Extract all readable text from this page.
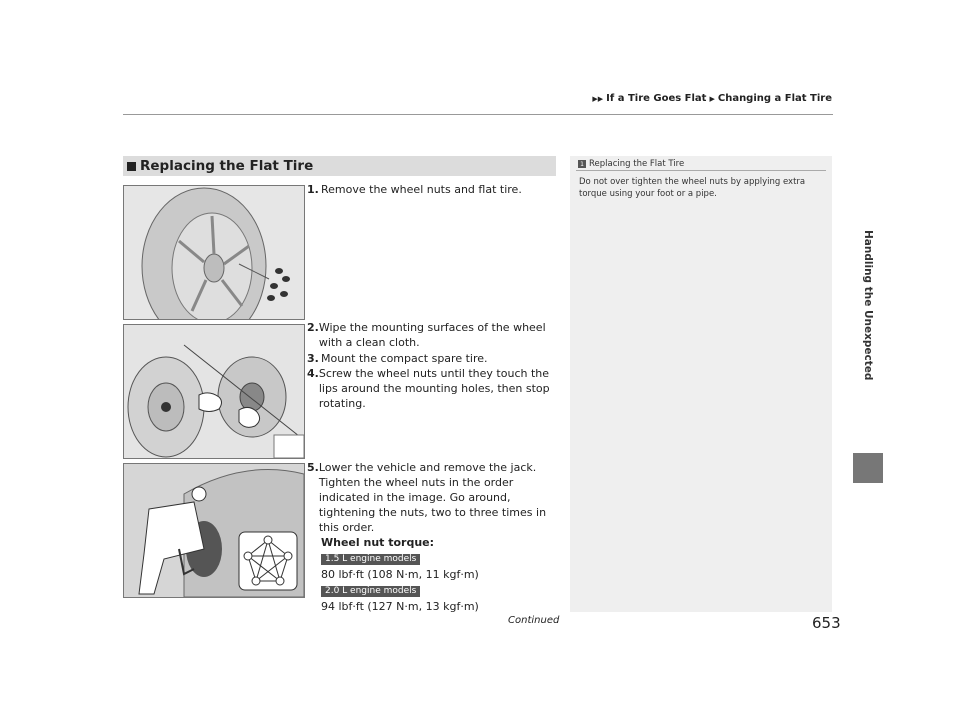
▶▶ If a Tire Goes Flat ▶ Changing a Flat Tire
Handling the Unexpected
Replacing the Flat Tire	1 Replacing the Flat Tire
Do not over tighten the wheel nuts by applying extra torque using your foot or a pipe.
1. Remove the wheel nuts and flat tire.
2. Wipe the mounting surfaces of the wheel with a clean cloth.
3. Mount the compact spare tire.
4. Screw the wheel nuts until they touch the lips around the mounting holes, then stop rotating.
5. Lower the vehicle and remove the jack. Tighten the wheel nuts in the order indicated in the image. Go around, tightening the nuts, two to three times in this order.
Wheel nut torque:
1.5 L engine models
80 lbf·ft (108 N·m, 11 kgf·m)
2.0 L engine models
94 lbf·ft (127 N·m, 13 kgf·m)
Continued	653
